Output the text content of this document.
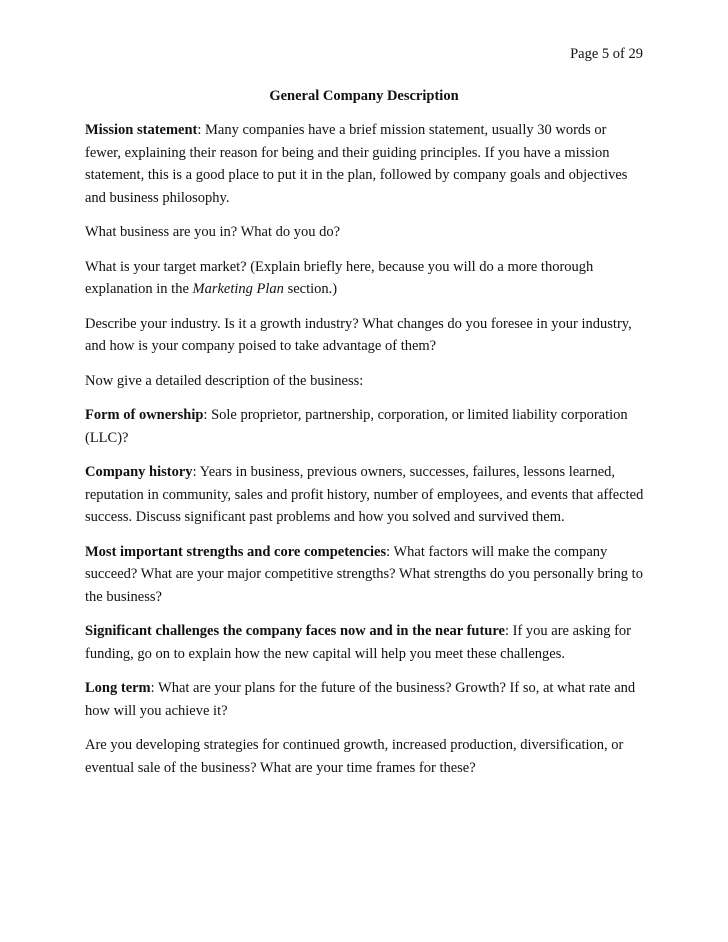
Page 5 of 29
General Company Description

Mission statement: Many companies have a brief mission statement, usually 30 words or fewer, explaining their reason for being and their guiding principles. If you have a mission statement, this is a good place to put it in the plan, followed by company goals and objectives and business philosophy.

What business are you in? What do you do?

What is your target market? (Explain briefly here, because you will do a more thorough explanation in the Marketing Plan section.)

Describe your industry. Is it a growth industry? What changes do you foresee in your industry, and how is your company poised to take advantage of them?

Now give a detailed description of the business:

Form of ownership: Sole proprietor, partnership, corporation, or limited liability corporation (LLC)?

Company history: Years in business, previous owners, successes, failures, lessons learned, reputation in community, sales and profit history, number of employees, and events that affected success. Discuss significant past problems and how you solved and survived them.

Most important strengths and core competencies: What factors will make the company succeed? What are your major competitive strengths? What strengths do you personally bring to the business?

Significant challenges the company faces now and in the near future: If you are asking for funding, go on to explain how the new capital will help you meet these challenges.

Long term: What are your plans for the future of the business? Growth? If so, at what rate and how will you achieve it?

Are you developing strategies for continued growth, increased production, diversification, or eventual sale of the business? What are your time frames for these?
